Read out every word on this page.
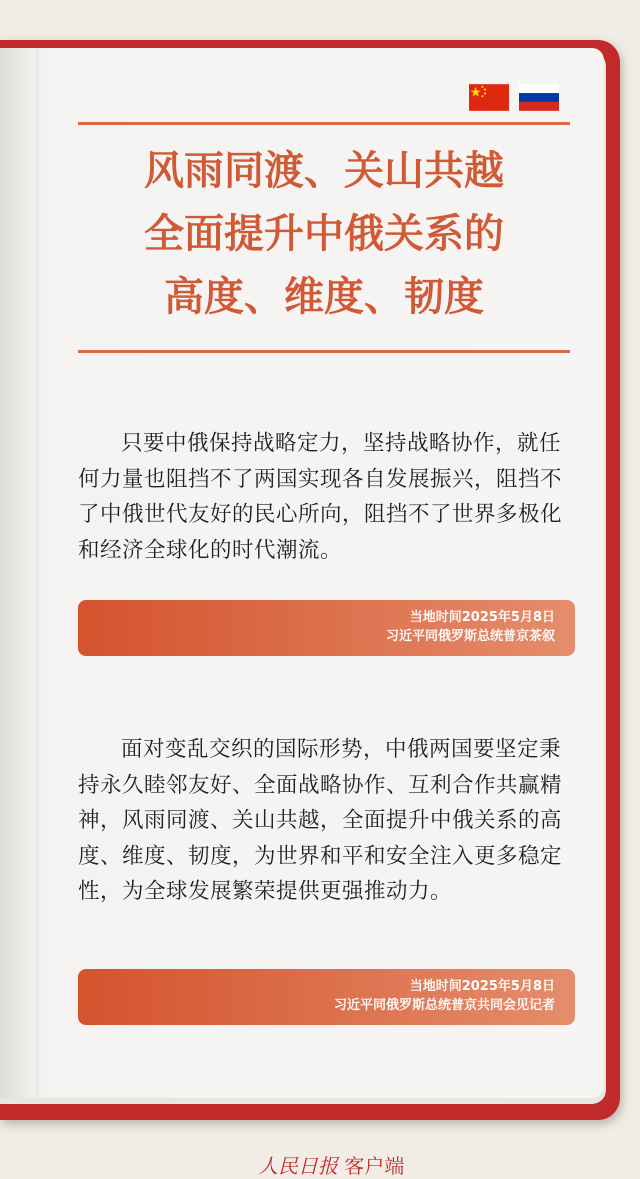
风雨同渡、关山共越
全面提升中俄关系的
高度、维度、韧度
只要中俄保持战略定力，坚持战略协作，就任何力量也阻挡不了两国实现各自发展振兴，阻挡不了中俄世代友好的民心所向，阻挡不了世界多极化和经济全球化的时代潮流。
当地时间2025年5月8日
习近平同俄罗斯总统普京茶叙
面对变乱交织的国际形势，中俄两国要坚定秉持永久睦邻友好、全面战略协作、互利合作共赢精神，风雨同渡、关山共越，全面提升中俄关系的高度、维度、韧度，为世界和平和安全注入更多稳定性，为全球发展繁荣提供更强推动力。
当地时间2025年5月8日
习近平同俄罗斯总统普京共同会见记者
人民日报 客户端
